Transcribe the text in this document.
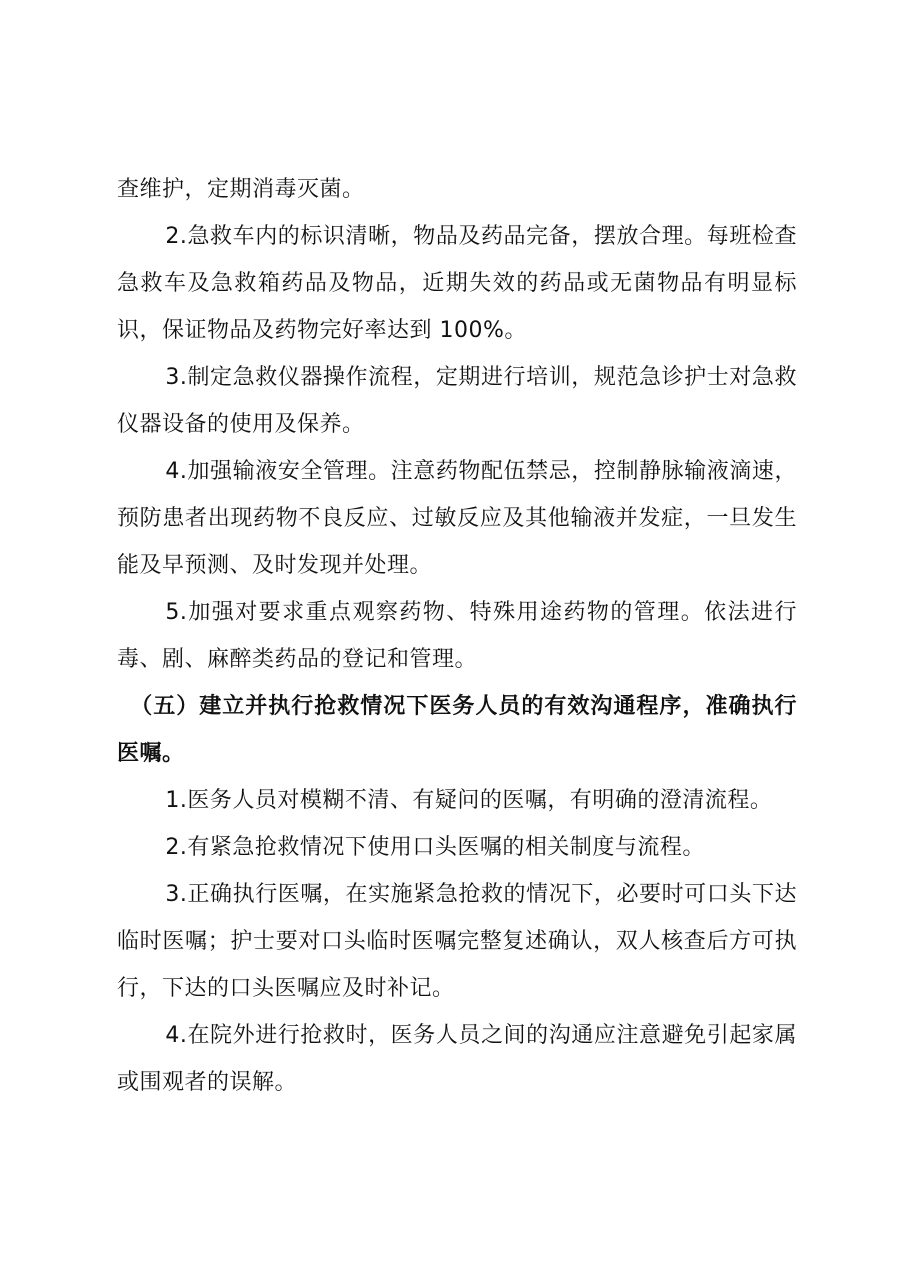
查维护，定期消毒灭菌。

2.急救车内的标识清晰，物品及药品完备，摆放合理。每班检查急救车及急救箱药品及物品，近期失效的药品或无菌物品有明显标识，保证物品及药物完好率达到 100%。

3.制定急救仪器操作流程，定期进行培训，规范急诊护士对急救仪器设备的使用及保养。

4.加强输液安全管理。注意药物配伍禁忌，控制静脉输液滴速，预防患者出现药物不良反应、过敏反应及其他输液并发症，一旦发生能及早预测、及时发现并处理。

5.加强对要求重点观察药物、特殊用途药物的管理。依法进行毒、剧、麻醉类药品的登记和管理。

（五）建立并执行抢救情况下医务人员的有效沟通程序，准确执行医嘱。

1.医务人员对模糊不清、有疑问的医嘱，有明确的澄清流程。

2.有紧急抢救情况下使用口头医嘱的相关制度与流程。

3.正确执行医嘱，在实施紧急抢救的情况下，必要时可口头下达临时医嘱；护士要对口头临时医嘱完整复述确认，双人核查后方可执行，下达的口头医嘱应及时补记。

4.在院外进行抢救时，医务人员之间的沟通应注意避免引起家属或围观者的误解。
